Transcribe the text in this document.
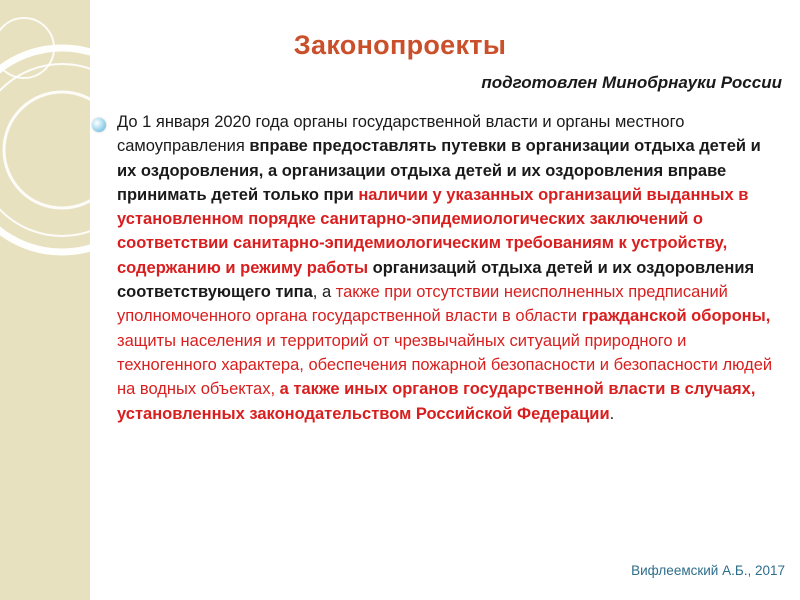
Законопроекты

подготовлен Минобрнауки России

До 1 января 2020 года органы государственной власти и органы местного самоуправления вправе предоставлять путевки в организации отдыха детей и их оздоровления, а организации отдыха детей и их оздоровления вправе принимать детей только при наличии у указанных организаций выданных в установленном порядке санитарно-эпидемиологических заключений о соответствии санитарно-эпидемиологическим требованиям к устройству, содержанию и режиму работы организаций отдыха детей и их оздоровления соответствующего типа, а также при отсутствии неисполненных предписаний уполномоченного органа государственной власти в области гражданской обороны, защиты населения и территорий от чрезвычайных ситуаций природного и техногенного характера, обеспечения пожарной безопасности и безопасности людей на водных объектах, а также иных органов государственной власти в случаях, установленных законодательством Российской Федерации.

Вифлеемский А.Б., 2017
